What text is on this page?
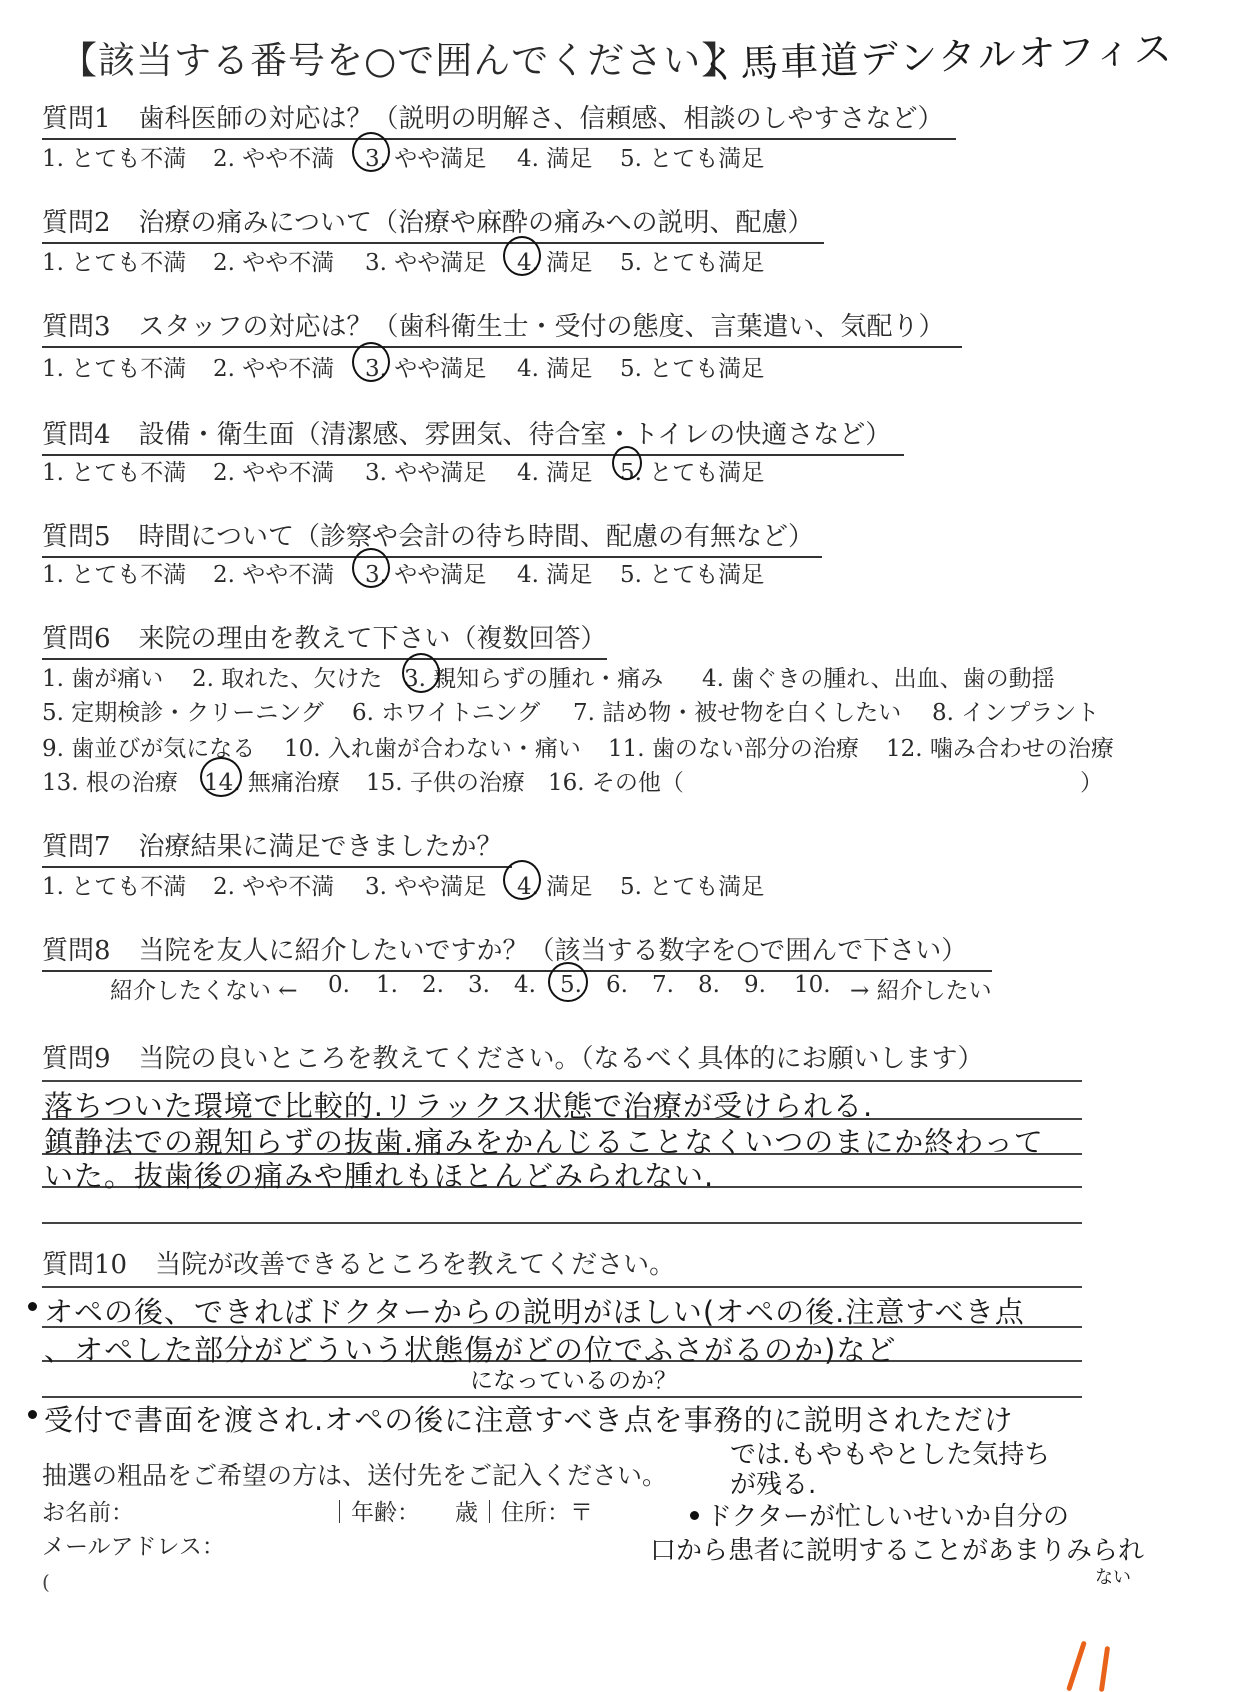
【該当する番号を○で囲んでください】
く馬車道デンタルオフィス
質問1 歯科医師の対応は？（説明の明解さ、信頼感、相談のしやすさなど）
1. とても不満 2. やや不満 3. やや満足 4. 満足 5. とても満足
質問2 治療の痛みについて（治療や麻酔の痛みへの説明、配慮）
1. とても不満 2. やや不満 3. やや満足 4. 満足 5. とても満足
質問3 スタッフの対応は？（歯科衛生士・受付の態度、言葉遣い、気配り）
1. とても不満 2. やや不満 3. やや満足 4. 満足 5. とても満足
質問4 設備・衛生面（清潔感、雰囲気、待合室・トイレの快適さなど）
1. とても不満 2. やや不満 3. やや満足 4. 満足 5. とても満足
質問5 時間について（診察や会計の待ち時間、配慮の有無など）
1. とても不満 2. やや不満 3. やや満足 4. 満足 5. とても満足
質問6 来院の理由を教えて下さい（複数回答）
1. 歯が痛い 2. 取れた、欠けた 3. 親知らずの腫れ・痛み 4. 歯ぐきの腫れ、出血、歯の動揺
5. 定期検診・クリーニング 6. ホワイトニング 7. 詰め物・被せ物を白くしたい 8. インプラント
9. 歯並びが気になる 10. 入れ歯が合わない・痛い 11. 歯のない部分の治療 12. 噛み合わせの治療
13. 根の治療 14. 無痛治療 15. 子供の治療 16. その他（	）
質問7 治療結果に満足できましたか？
1. とても不満 2. やや不満 3. やや満足 4. 満足 5. とても満足
質問8 当院を友人に紹介したいですか？（該当する数字を○で囲んで下さい）
紹介したくない ← 0. 1. 2. 3. 4. 5. 6. 7. 8. 9. 10. → 紹介したい
質問9 当院の良いところを教えてください。（なるべく具体的にお願いします）
落ちついた環境で比較的.リラックス状態で治療が受けられる.
鎮静法での親知らずの抜歯.痛みをかんじることなくいつのまにか終わって
いた。抜歯後の痛みや腫れもほとんどみられない.
質問10 当院が改善できるところを教えてください。
オペの後、できればドクターからの説明がほしい(オペの後.注意すべき点
、オペした部分がどういう状態傷がどの位でふさがるのか)など
になっているのか？
受付で書面を渡され.オペの後に注意すべき点を事務的に説明されただけ
では.もやもやとした気持ち
が残る.
ドクターが忙しいせいか自分の
口から患者に説明することがあまりみられ
ない
抽選の粗品をご希望の方は、送付先をご記入ください。
お名前：	｜年齢： 歳｜住所：〒
メールアドレス：
(
